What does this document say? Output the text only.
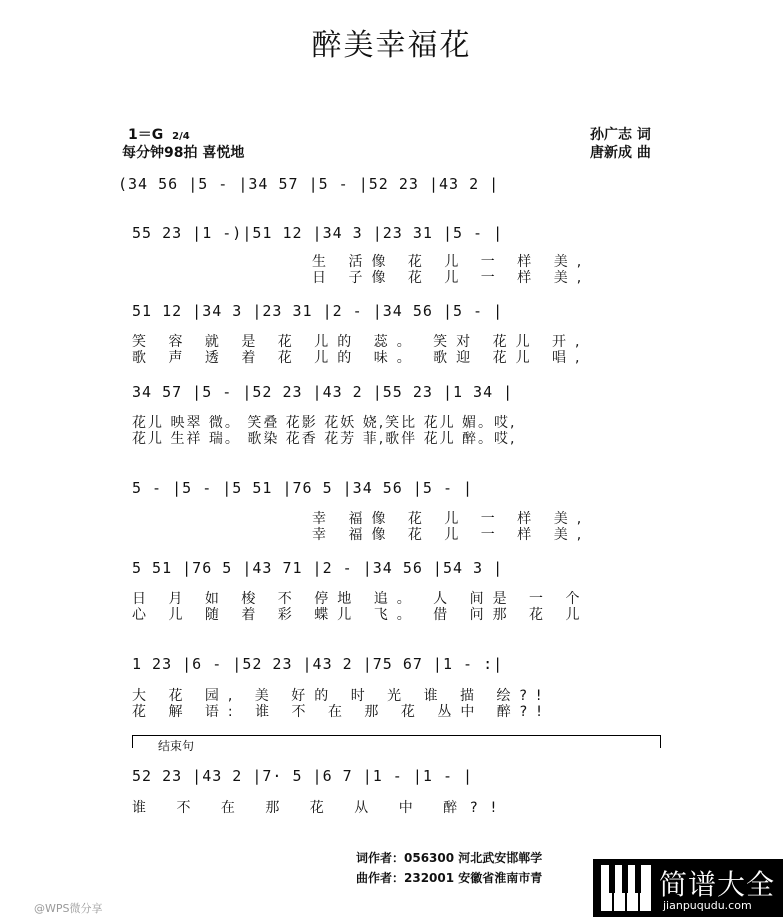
醉美幸福花
1＝G 2/4
每分钟98拍 喜悦地
孙广志 词
唐新成 曲
(34 56 |5 - |34 57 |5 - |52 23 |43 2 |
55 23 |1 -)|51 12 |34 3 |23 31 |5 - |
生 活像 花 儿 一 样 美,
日 子像 花 儿 一 样 美,
51 12 |34 3 |23 31 |2 - |34 56 |5 - |
笑 容 就 是 花 儿的 蕊。 笑对 花儿 开,
歌 声 透 着 花 儿的 味。 歌迎 花儿 唱,
34 57 |5 - |52 23 |43 2 |55 23 |1 34 |
花儿 映翠 微。 笑叠 花影 花妖 娆,笑比 花儿 媚。哎,
花儿 生祥 瑞。 歌染 花香 花芳 菲,歌伴 花儿 醉。哎,
5 - |5 - |5 51 |76 5 |34 56 |5 - |
幸 福像 花 儿 一 样 美,
幸 福像 花 儿 一 样 美,
5 51 |76 5 |43 71 |2 - |34 56 |54 3 |
日 月 如 梭 不 停地 追。 人 间是 一 个
心 儿 随 着 彩 蝶儿 飞。 借 问那 花 儿
1 23 |6 - |52 23 |43 2 |75 67 |1 - :|
大 花 园, 美 好的 时 光 谁 描 绘?!
花 解 语: 谁 不 在 那 花 丛中 醉?!
结束句
52 23 |43 2 |7· 5 |6 7 |1 - |1 - |
谁 不 在 那 花 从 中 醉?!
词作者：056300 河北武安邯郸学
曲作者：232001 安徽省淮南市青
@WPS微分享
简谱大全
jianpuqudu.com
